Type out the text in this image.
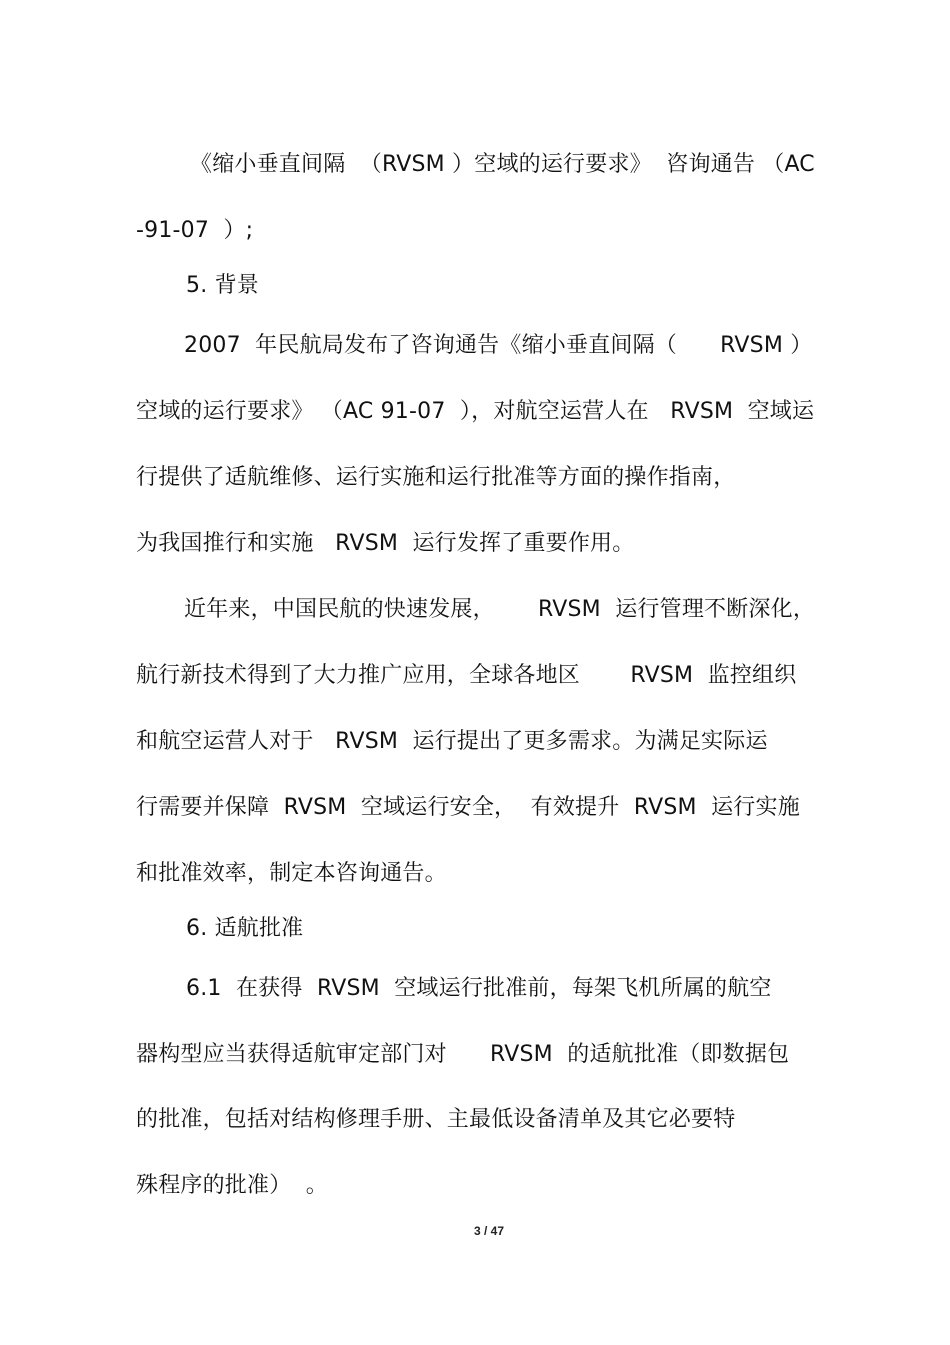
《缩小垂直间隔  （RVSM ）空域的运行要求》  咨询通告 （AC
-91-07  ）;
5. 背景
2007  年民航局发布了咨询通告《缩小垂直间隔（      RVSM ）
空域的运行要求》 （AC 91-07  ），对航空运营人在   RVSM  空域运
行提供了适航维修、运行实施和运行批准等方面的操作指南，
为我国推行和实施   RVSM  运行发挥了重要作用。
近年来，中国民航的快速发展，      RVSM  运行管理不断深化，
航行新技术得到了大力推广应用，全球各地区       RVSM  监控组织
和航空运营人对于   RVSM  运行提出了更多需求。为满足实际运
行需要并保障  RVSM  空域运行安全，  有效提升  RVSM  运行实施
和批准效率，制定本咨询通告。
6. 适航批准
6.1  在获得  RVSM  空域运行批准前，每架飞机所属的航空
器构型应当获得适航审定部门对      RVSM  的适航批准（即数据包
的批准，包括对结构修理手册、主最低设备清单及其它必要特
殊程序的批准）  。
3 / 47
